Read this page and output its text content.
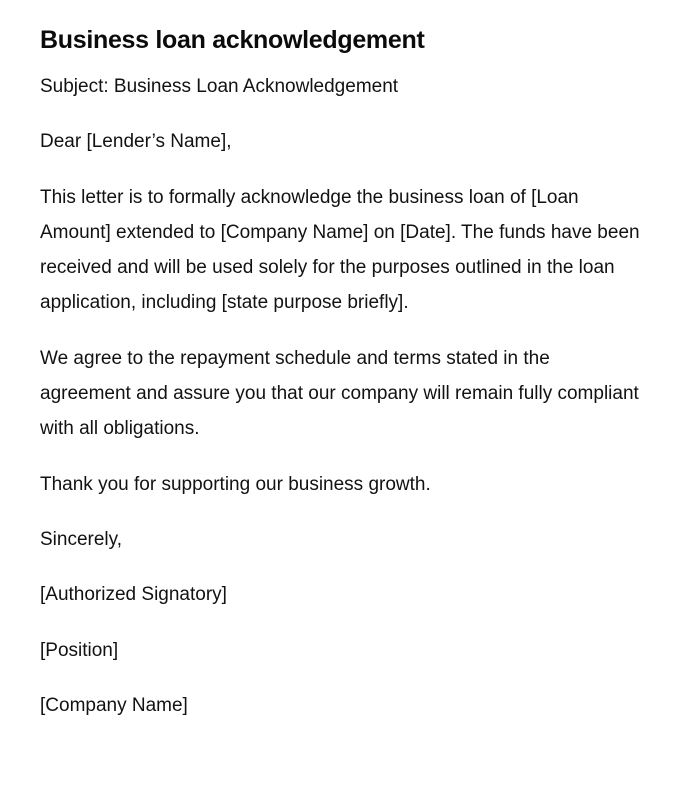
Business loan acknowledgement

Subject: Business Loan Acknowledgement

Dear [Lender’s Name],

This letter is to formally acknowledge the business loan of [Loan Amount] extended to [Company Name] on [Date]. The funds have been received and will be used solely for the purposes outlined in the loan application, including [state purpose briefly].

We agree to the repayment schedule and terms stated in the agreement and assure you that our company will remain fully compliant with all obligations.

Thank you for supporting our business growth.

Sincerely,

[Authorized Signatory]

[Position]

[Company Name]
